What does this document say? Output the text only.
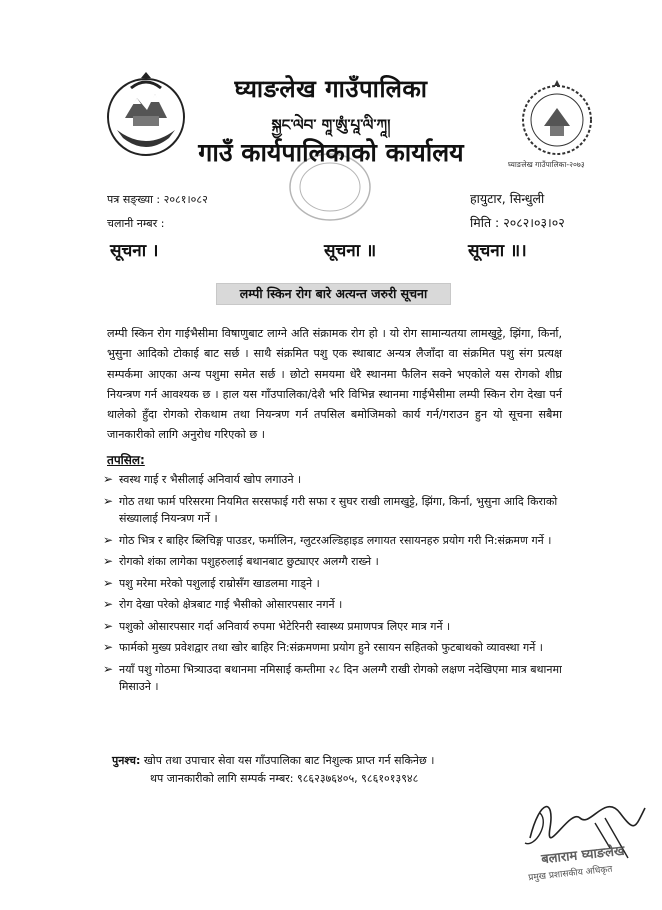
घ्याङलेख गाउँपालिका-२०७३
घ्याङलेख गाउँपालिका
སྐྱང་ལེབ་ གཱ་ཨུཾ་པཱ་ལི་ཀཱ།
गाउँ कार्यपालिकाको कार्यालय
पत्र सङ्ख्या : २०८१।०८२
चलानी नम्बर :
हायुटार, सिन्धुली
मिति : २०८२।०३।०२
सूचना ।	सूचना ॥	सूचना ॥।
लम्पी स्किन रोग बारे अत्यन्त जरुरी सूचना
लम्पी स्किन रोग गाईभैसीमा विषाणुबाट लाग्ने अति संक्रामक रोग हो । यो रोग सामान्यतया लामखुट्टे, झिंगा, किर्ना, भुसुना आदिको टोकाई बाट सर्छ । साथै संक्रमित पशु एक स्थाबाट अन्यत्र लैजाँदा वा संक्रमित पशु संग प्रत्यक्ष सम्पर्कमा आएका अन्य पशुमा समेत सर्छ । छोटो समयमा धेरै स्थानमा फैलिन सक्ने भएकोले यस रोगको शीघ्र नियन्त्रण गर्न आवश्यक छ । हाल यस गाँउपालिका/देशै भरि विभिन्न स्थानमा गाईभैसीमा लम्पी स्किन रोग देखा पर्न थालेको हुँदा रोगको रोकथाम तथा नियन्त्रण गर्न तपसिल बमोजिमको कार्य गर्न/गराउन हुन यो सूचना सबैमा जानकारीको लागि अनुरोध गरिएको छ ।
तपसिल:
➢ स्वस्थ गाई र भैसीलाई अनिवार्य खोप लगाउने ।
➢ गोठ तथा फार्म परिसरमा नियमित सरसफाई गरी सफा र सुघर राखी लामखुट्टे, झिंगा, किर्ना, भुसुना आदि किराको संख्यालाई नियन्त्रण गर्ने ।
➢ गोठ भित्र र बाहिर ब्लिचिङ्ग पाउडर, फर्मालिन, ग्लुटरअल्डिहाइड लगायत रसायनहरु प्रयोग गरी नि:संक्रमण गर्ने ।
➢ रोगको शंका लागेका पशुहरुलाई बथानबाट छुट्याएर अलग्गै राख्ने ।
➢ पशु मरेमा मरेको पशुलाई राम्रोसँग खाडलमा गाड्ने ।
➢ रोग देखा परेको क्षेत्रबाट गाई भैसीको ओसारपसार नगर्ने ।
➢ पशुको ओसारपसार गर्दा अनिवार्य रुपमा भेटेरिनरी स्वास्थ्य प्रमाणपत्र लिएर मात्र गर्ने ।
➢ फार्मको मुख्य प्रवेशद्वार तथा खोर बाहिर नि:संक्रमणमा प्रयोग हुने रसायन सहितको फुटबाथको व्यावस्था गर्ने ।
➢ नयाँ पशु गोठमा भित्र्याउदा बथानमा नमिसाई कम्तीमा २८ दिन अलग्गै राखी रोगको लक्षण नदेखिएमा मात्र बथानमा मिसाउने ।
पुनश्च: खोप तथा उपाचार सेवा यस गाँउपालिका बाट निशुल्क प्राप्त गर्न सकिनेछ ।
थप जानकारीको लागि सम्पर्क नम्बर: ९८६२३७६४०५, ९८६१०१३९४८
बलाराम घ्याङलेख
प्रमुख प्रशासकीय अधिकृत
